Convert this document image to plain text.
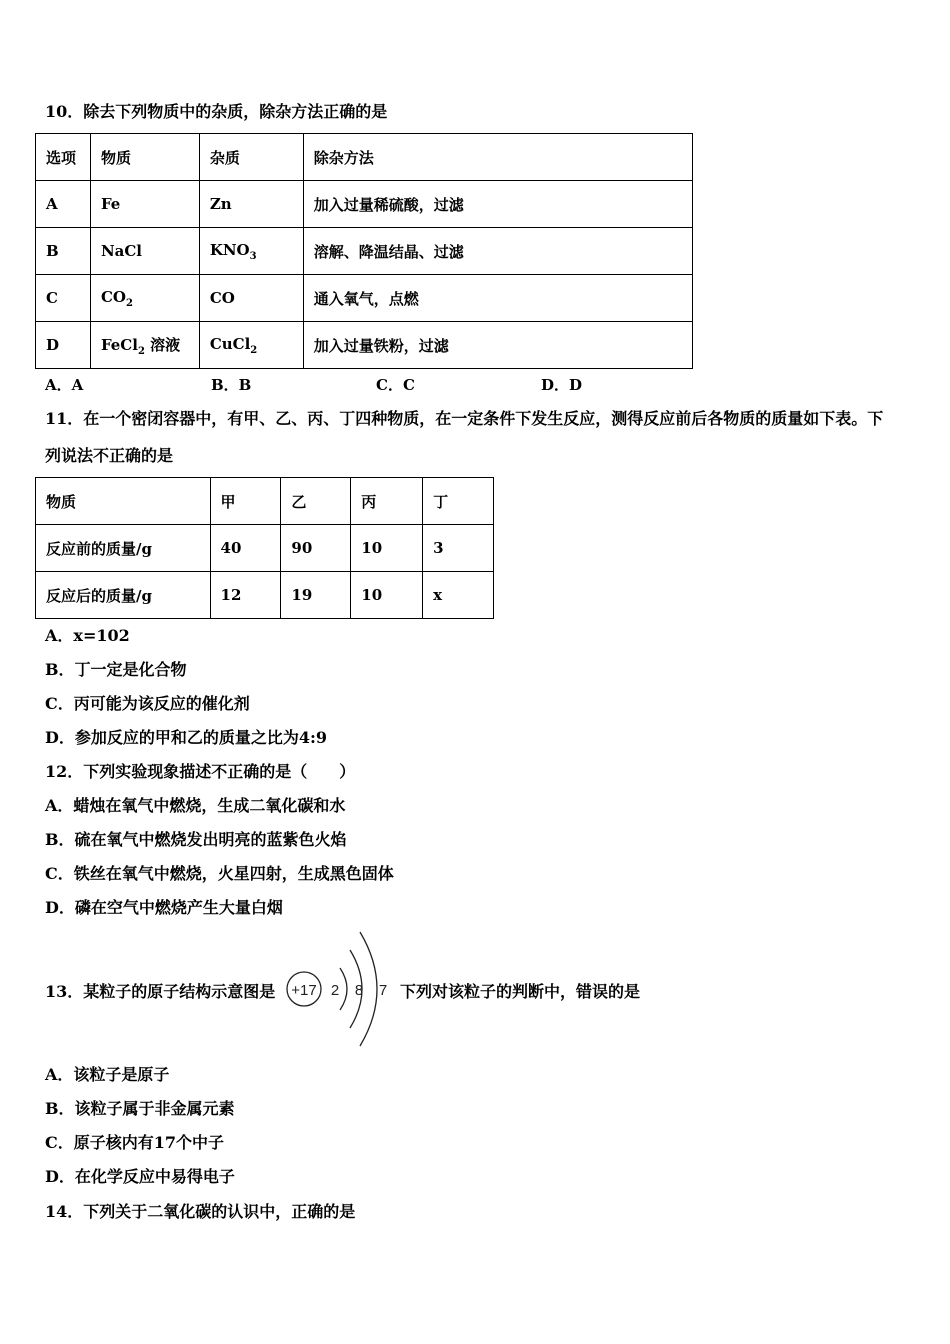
10．除去下列物质中的杂质，除杂方法正确的是
选项	物质	杂质	除杂方法
A	Fe	Zn	加入过量稀硫酸，过滤
B	NaCl	$KNO_3$	溶解、降温结晶、过滤
C	$CO_2$	CO	通入氧气，点燃
D	FeCl$_2$ 溶液	CuCl$_2$	加入过量铁粉，过滤
A．A	B．B	C．C	D．D
11．在一个密闭容器中，有甲、乙、丙、丁四种物质，在一定条件下发生反应，测得反应前后各物质的质量如下表。下
列说法不正确的是
物质	甲	乙	丙	丁
反应前的质量/g	40	90	10	3
反应后的质量/g	12	19	10	x
A．x=102
B．丁一定是化合物
C．丙可能为该反应的催化剂
D．参加反应的甲和乙的质量之比为4:9
12．下列实验现象描述不正确的是（　　）
A．蜡烛在氧气中燃烧，生成二氧化碳和水
B．硫在氧气中燃烧发出明亮的蓝紫色火焰
C．铁丝在氧气中燃烧，火星四射，生成黑色固体
D．磷在空气中燃烧产生大量白烟
13．某粒子的原子结构示意图是 +17 2 8 7 下列对该粒子的判断中，错误的是
A．该粒子是原子
B．该粒子属于非金属元素
C．原子核内有17个中子
D．在化学反应中易得电子
14．下列关于二氧化碳的认识中，正确的是
